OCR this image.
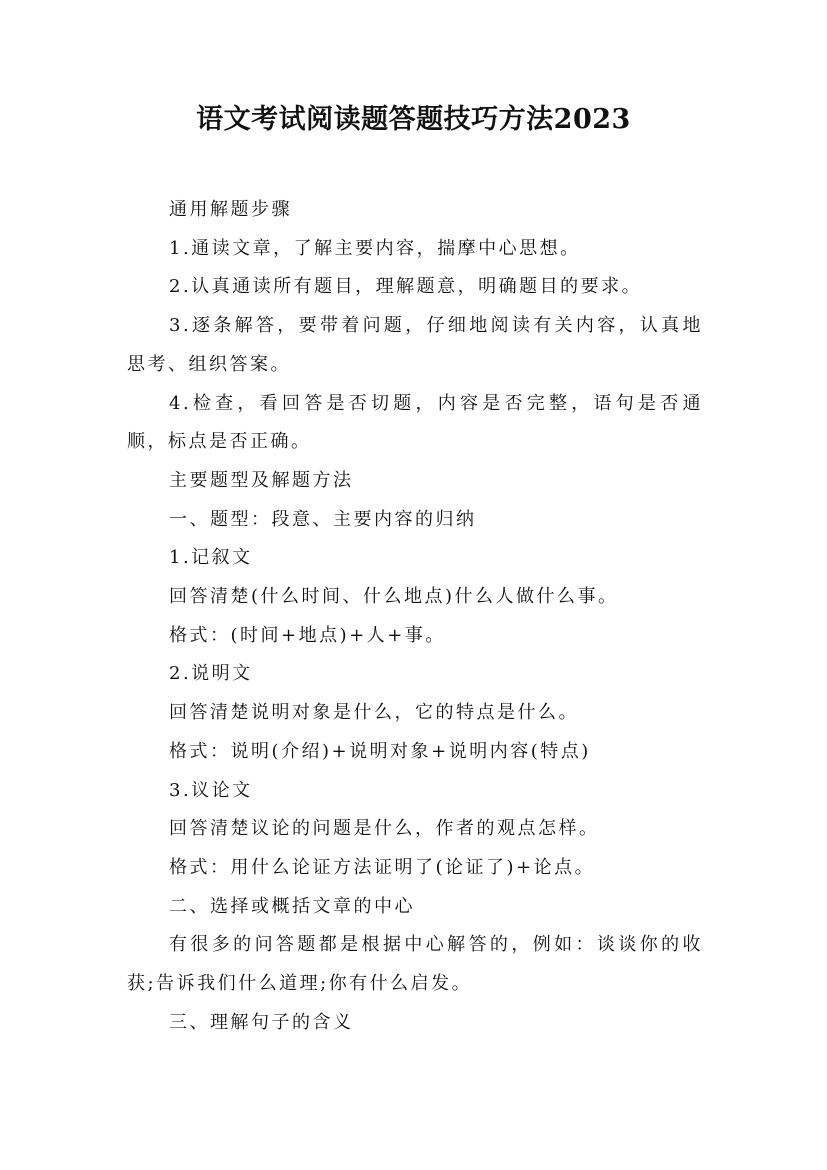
语文考试阅读题答题技巧方法2023

通用解题步骤

1.通读文章，了解主要内容，揣摩中心思想。

2.认真通读所有题目，理解题意，明确题目的要求。

3.逐条解答，要带着问题，仔细地阅读有关内容，认真地思考、组织答案。

4.检查，看回答是否切题，内容是否完整，语句是否通顺，标点是否正确。

主要题型及解题方法

一、题型：段意、主要内容的归纳

1.记叙文

回答清楚(什么时间、什么地点)什么人做什么事。

格式：(时间+地点)+人+事。

2.说明文

回答清楚说明对象是什么，它的特点是什么。

格式：说明(介绍)+说明对象+说明内容(特点)

3.议论文

回答清楚议论的问题是什么，作者的观点怎样。

格式：用什么论证方法证明了(论证了)+论点。

二、选择或概括文章的中心

有很多的问答题都是根据中心解答的，例如：谈谈你的收获;告诉我们什么道理;你有什么启发。

三、理解句子的含义
